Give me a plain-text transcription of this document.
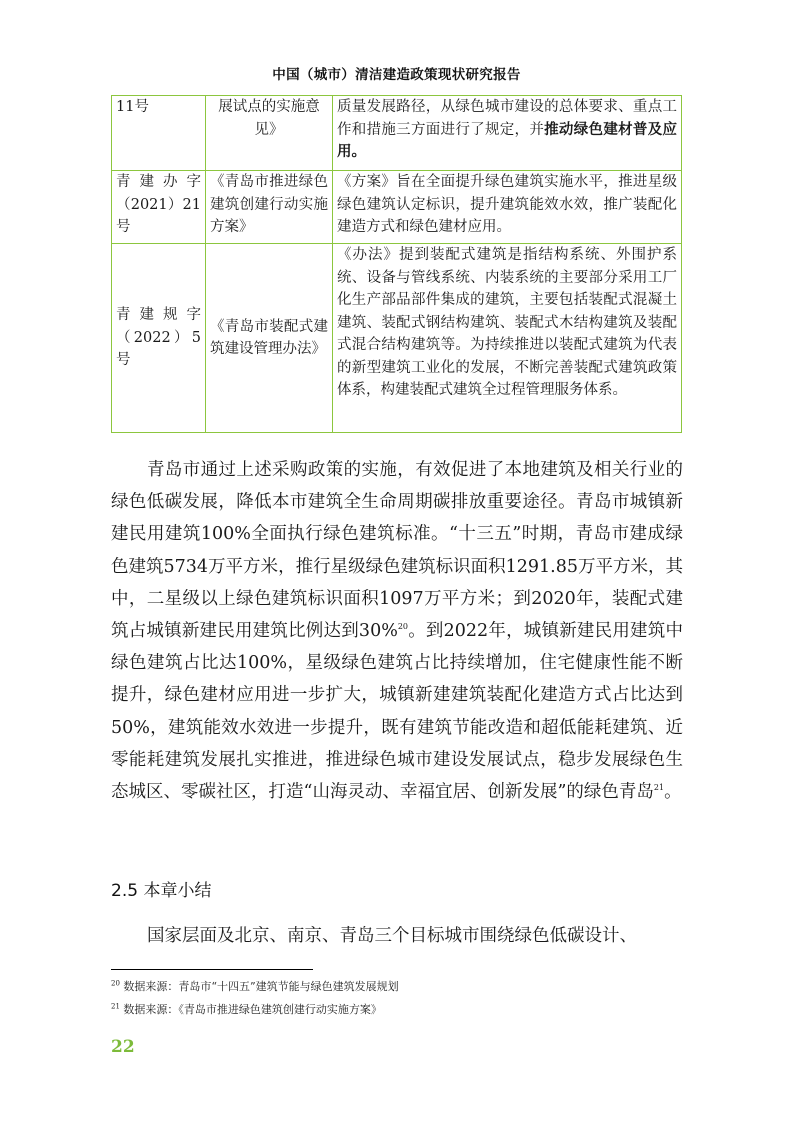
中国（城市）清洁建造政策现状研究报告
11号	展试点的实施意见》	质量发展路径，从绿色城市建设的总体要求、重点工作和措施三方面进行了规定，并推动绿色建材普及应用。
青建办字（2021）21号	《青岛市推进绿色建筑创建行动实施方案》	《方案》旨在全面提升绿色建筑实施水平，推进星级绿色建筑认定标识，提升建筑能效水效，推广装配化建造方式和绿色建材应用。
青建规字（2022）5号	《青岛市装配式建筑建设管理办法》	《办法》提到装配式建筑是指结构系统、外围护系统、设备与管线系统、内装系统的主要部分采用工厂化生产部品部件集成的建筑，主要包括装配式混凝土建筑、装配式钢结构建筑、装配式木结构建筑及装配式混合结构建筑等。为持续推进以装配式建筑为代表的新型建筑工业化的发展，不断完善装配式建筑政策体系，构建装配式建筑全过程管理服务体系。
青岛市通过上述采购政策的实施，有效促进了本地建筑及相关行业的绿色低碳发展，降低本市建筑全生命周期碳排放重要途径。青岛市城镇新建民用建筑100%全面执行绿色建筑标准。“十三五”时期，青岛市建成绿色建筑5734万平方米，推行星级绿色建筑标识面积1291.85万平方米，其中，二星级以上绿色建筑标识面积1097万平方米；到2020年，装配式建筑占城镇新建民用建筑比例达到30%$^{20}$。到2022年，城镇新建民用建筑中绿色建筑占比达100%，星级绿色建筑占比持续增加，住宅健康性能不断提升，绿色建材应用进一步扩大，城镇新建建筑装配化建造方式占比达到50%，建筑能效水效进一步提升，既有建筑节能改造和超低能耗建筑、近零能耗建筑发展扎实推进，推进绿色城市建设发展试点，稳步发展绿色生态城区、零碳社区，打造“山海灵动、幸福宜居、创新发展”的绿色青岛$^{21}$。
2.5 本章小结
国家层面及北京、南京、青岛三个目标城市围绕绿色低碳设计、
$^{20}$ 数据来源：青岛市“十四五”建筑节能与绿色建筑发展规划
$^{21}$ 数据来源：《青岛市推进绿色建筑创建行动实施方案》
22
